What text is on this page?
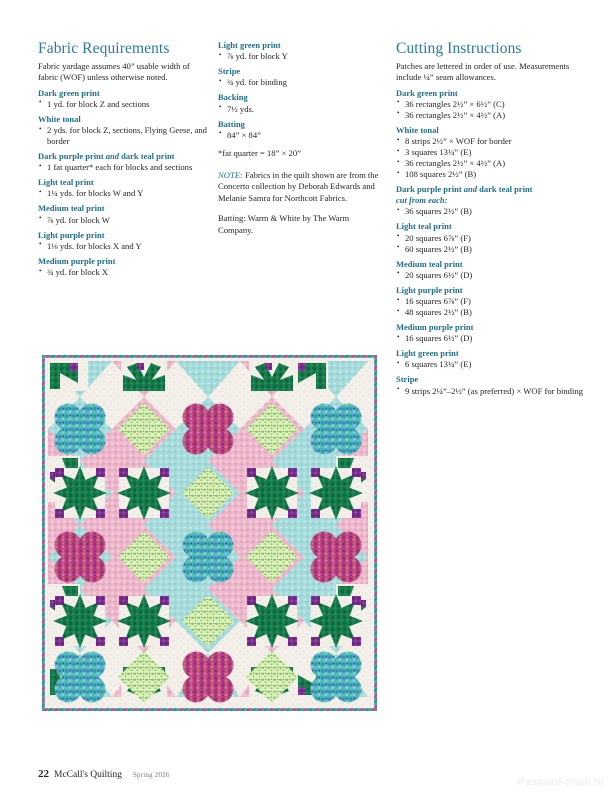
Fabric Requirements

Fabric yardage assumes 40ˮ usable width of fabric (WOF) unless otherwise noted.

Dark green print
• 1 yd. for block Z and sections
White tonal
• 2 yds. for block Z, sections, Flying Geese, and border
Dark purple print and dark teal print
• 1 fat quarter* each for blocks and sections
Light teal print
• 1¼ yds. for blocks W and Y
Medium teal print
• ⅞ yd. for block W
Light purple print
• 1⅛ yds. for blocks X and Y
Medium purple print
• ¾ yd. for block X
Light green print
• ⅞ yd. for block Y
Stripe
• ¾ yd. for binding
Backing
• 7½ yds.
Batting
• 84ˮ × 84ˮ

*fat quarter = 18ˮ × 20ˮ

NOTE: Fabrics in the quilt shown are from the Concerto collection by Deborah Edwards and Melanie Samra for Northcott Fabrics.

Batting: Warm & White by The Warm Company.

Cutting Instructions

Patches are lettered in order of use. Measurements include ¼ˮ seam allowances.

Dark green print
• 36 rectangles 2½ˮ × 6½ˮ (C)
• 36 rectangles 2½ˮ × 4½ˮ (A)
White tonal
• 8 strips 2½ˮ × WOF for border
• 3 squares 13¼ˮ (E)
• 36 rectangles 2½ˮ × 4½ˮ (A)
• 108 squares 2½ˮ (B)
Dark purple print and dark teal print
cut from each:
• 36 squares 2½ˮ (B)
Light teal print
• 20 squares 6⅞ˮ (F)
• 60 squares 2½ˮ (B)
Medium teal print
• 20 squares 6½ˮ (D)
Light purple print
• 16 squares 6⅞ˮ (F)
• 48 squares 2½ˮ (B)
Medium purple print
• 16 squares 6½ˮ (D)
Light green print
• 6 squares 13¼ˮ (E)
Stripe
• 9 strips 2¼ˮ–2½ˮ (as preferred) × WOF for binding
22 McCall's Quilting Spring 2026
PassionForum.ru
